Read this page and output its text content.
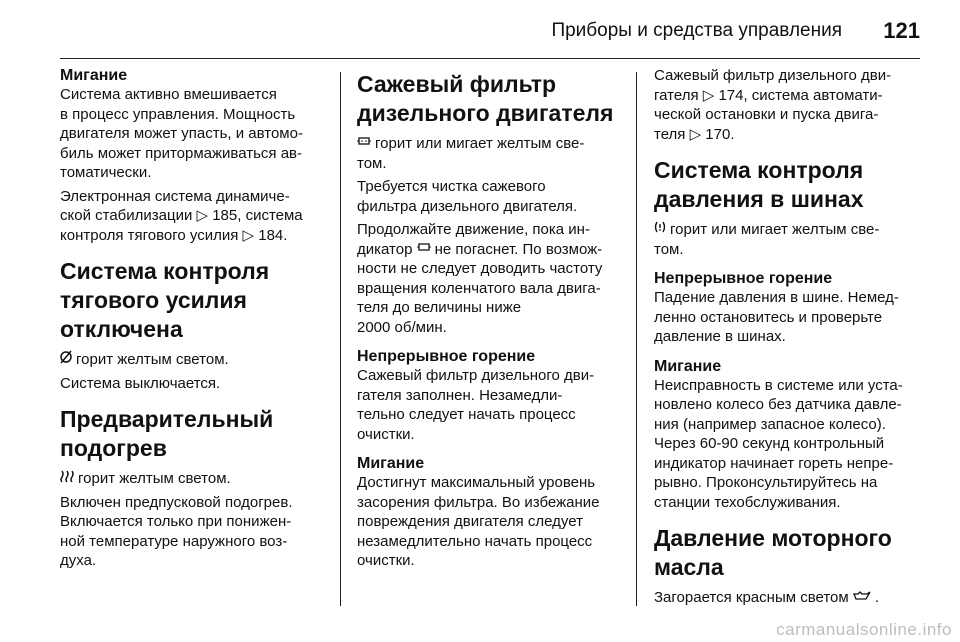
Приборы и средства управления 121
Мигание
Система активно вмешивается
в процесс управления. Мощность
двигателя может упасть, и автомо-
биль может притормаживаться ав-
томатически.
Электронная система динамиче-
ской стабилизации ▷ 185, система
контроля тягового усилия ▷ 184.
Система контроля
тягового усилия
отключена
горит желтым светом.
Система выключается.
Предварительный
подогрев
горит желтым светом.
Включен предпусковой подогрев.
Включается только при понижен-
ной температуре наружного воз-
духа.
Сажевый фильтр
дизельного двигателя
горит или мигает желтым све-
том.
Требуется чистка сажевого
фильтра дизельного двигателя.
Продолжайте движение, пока ин-
дикатор не погаснет. По возмож-
ности не следует доводить частоту
вращения коленчатого вала двига-
теля до величины ниже
2000 об/мин.
Непрерывное горение
Сажевый фильтр дизельного дви-
гателя заполнен. Незамедли-
тельно следует начать процесс
очистки.
Мигание
Достигнут максимальный уровень
засорения фильтра. Во избежание
повреждения двигателя следует
незамедлительно начать процесс
очистки.
Сажевый фильтр дизельного дви-
гателя ▷ 174, система автомати-
ческой остановки и пуска двига-
теля ▷ 170.
Система контроля
давления в шинах
горит или мигает желтым све-
том.
Непрерывное горение
Падение давления в шине. Немед-
ленно остановитесь и проверьте
давление в шинах.
Мигание
Неисправность в системе или уста-
новлено колесо без датчика давле-
ния (например запасное колесо).
Через 60-90 секунд контрольный
индикатор начинает гореть непре-
рывно. Проконсультируйтесь на
станции техобслуживания.
Давление моторного
масла
Загорается красным светом .
carmanualsonline.info
